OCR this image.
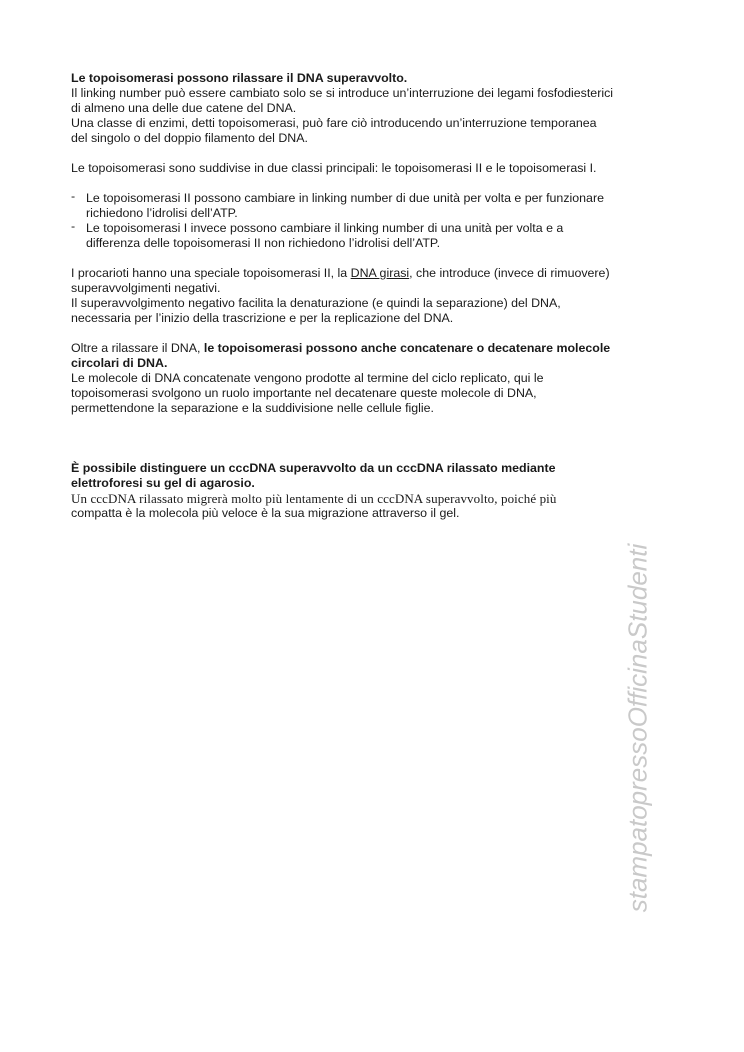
Le topoisomerasi possono rilassare il DNA superavvolto.

Il linking number può essere cambiato solo se si introduce un’interruzione dei legami fosfodiesterici

di almeno una delle due catene del DNA.

Una classe di enzimi, detti topoisomerasi, può fare ciò introducendo un’interruzione temporanea

del singolo o del doppio filamento del DNA.

Le topoisomerasi sono suddivise in due classi principali: le topoisomerasi II e le topoisomerasi I.

- Le topoisomerasi II possono cambiare in linking number di due unità per volta e per funzionare

richiedono l’idrolisi dell’ATP.

- Le topoisomerasi I invece possono cambiare il linking number di una unità per volta e a

differenza delle topoisomerasi II non richiedono l’idrolisi dell’ATP.

I procarioti hanno una speciale topoisomerasi II, la DNA girasi, che introduce (invece di rimuovere)

superavvolgimenti negativi.

Il superavvolgimento negativo facilita la denaturazione (e quindi la separazione) del DNA,

necessaria per l’inizio della trascrizione e per la replicazione del DNA.

Oltre a rilassare il DNA, le topoisomerasi possono anche concatenare o decatenare molecole

circolari di DNA.

Le molecole di DNA concatenate vengono prodotte al termine del ciclo replicato, qui le

topoisomerasi svolgono un ruolo importante nel decatenare queste molecole di DNA,

permettendone la separazione e la suddivisione nelle cellule figlie.

È possibile distinguere un cccDNA superavvolto da un cccDNA rilassato mediante

elettroforesi su gel di agarosio.

Un cccDNA rilassato migrerà molto più lentamente di un cccDNA superavvolto, poiché più

compatta è la molecola più veloce è la sua migrazione attraverso il gel.

stampatopressoOfficinaStudenti
